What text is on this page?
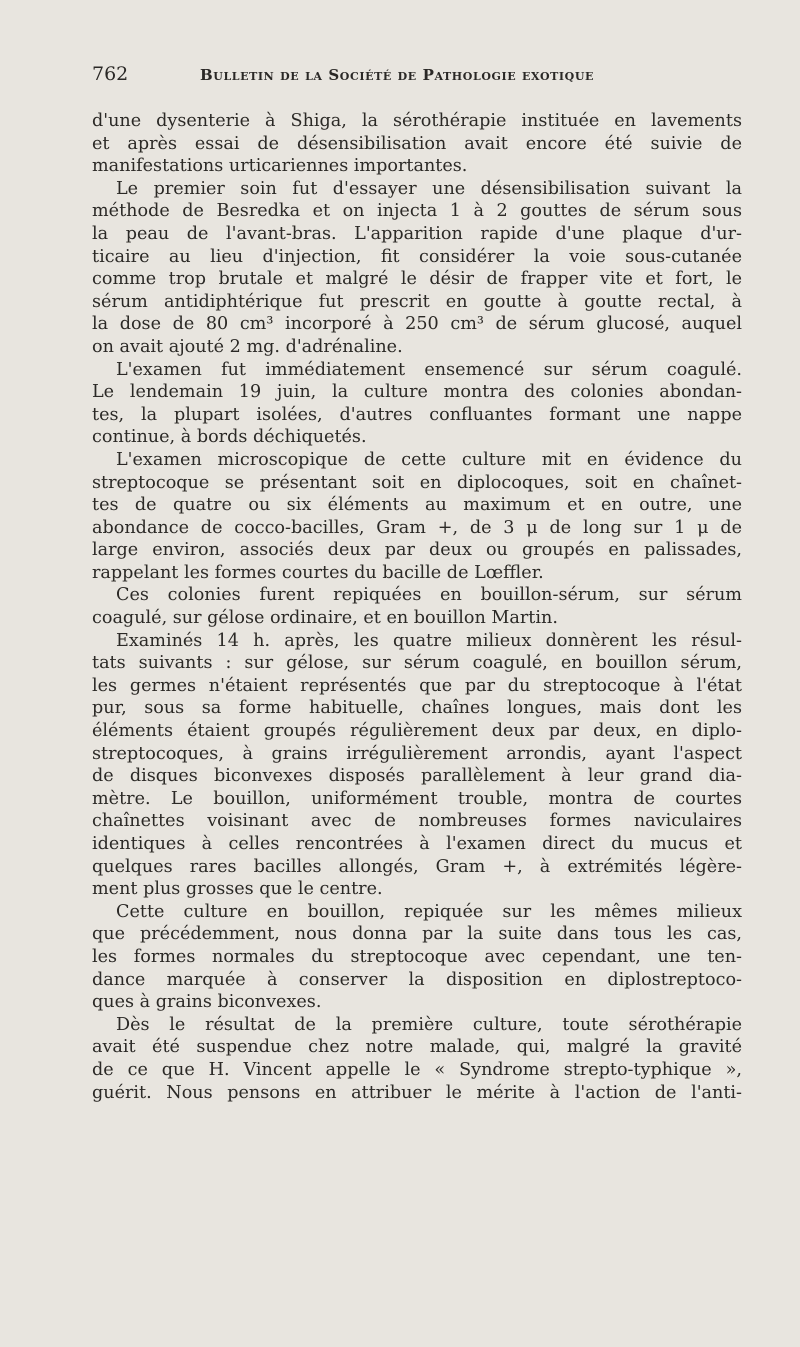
762	Bulletin de la Société de Pathologie exotique
d'une dysenterie à Shiga, la sérothérapie instituée en lavements
et après essai de désensibilisation avait encore été suivie de
manifestations urticariennes importantes.
Le premier soin fut d'essayer une désensibilisation suivant la
méthode de Besredka et on injecta 1 à 2 gouttes de sérum sous
la peau de l'avant-bras. L'apparition rapide d'une plaque d'ur-
ticaire au lieu d'injection, fit considérer la voie sous-cutanée
comme trop brutale et malgré le désir de frapper vite et fort, le
sérum antidiphtérique fut prescrit en goutte à goutte rectal, à
la dose de 80 cm³ incorporé à 250 cm³ de sérum glucosé, auquel
on avait ajouté 2 mg. d'adrénaline.
L'examen fut immédiatement ensemencé sur sérum coagulé.
Le lendemain 19 juin, la culture montra des colonies abondan-
tes, la plupart isolées, d'autres confluantes formant une nappe
continue, à bords déchiquetés.
L'examen microscopique de cette culture mit en évidence du
streptocoque se présentant soit en diplocoques, soit en chaînet-
tes de quatre ou six éléments au maximum et en outre, une
abondance de cocco-bacilles, Gram +, de 3 μ de long sur 1 μ de
large environ, associés deux par deux ou groupés en palissades,
rappelant les formes courtes du bacille de Lœffler.
Ces colonies furent repiquées en bouillon-sérum, sur sérum
coagulé, sur gélose ordinaire, et en bouillon Martin.
Examinés 14 h. après, les quatre milieux donnèrent les résul-
tats suivants : sur gélose, sur sérum coagulé, en bouillon sérum,
les germes n'étaient représentés que par du streptocoque à l'état
pur, sous sa forme habituelle, chaînes longues, mais dont les
éléments étaient groupés régulièrement deux par deux, en diplo-
streptocoques, à grains irrégulièrement arrondis, ayant l'aspect
de disques biconvexes disposés parallèlement à leur grand dia-
mètre. Le bouillon, uniformément trouble, montra de courtes
chaînettes voisinant avec de nombreuses formes naviculaires
identiques à celles rencontrées à l'examen direct du mucus et
quelques rares bacilles allongés, Gram +, à extrémités légère-
ment plus grosses que le centre.
Cette culture en bouillon, repiquée sur les mêmes milieux
que précédemment, nous donna par la suite dans tous les cas,
les formes normales du streptocoque avec cependant, une ten-
dance marquée à conserver la disposition en diplostreptoco-
ques à grains biconvexes.
Dès le résultat de la première culture, toute sérothérapie
avait été suspendue chez notre malade, qui, malgré la gravité
de ce que H. Vincent appelle le « Syndrome strepto-typhique »,
guérit. Nous pensons en attribuer le mérite à l'action de l'anti-
